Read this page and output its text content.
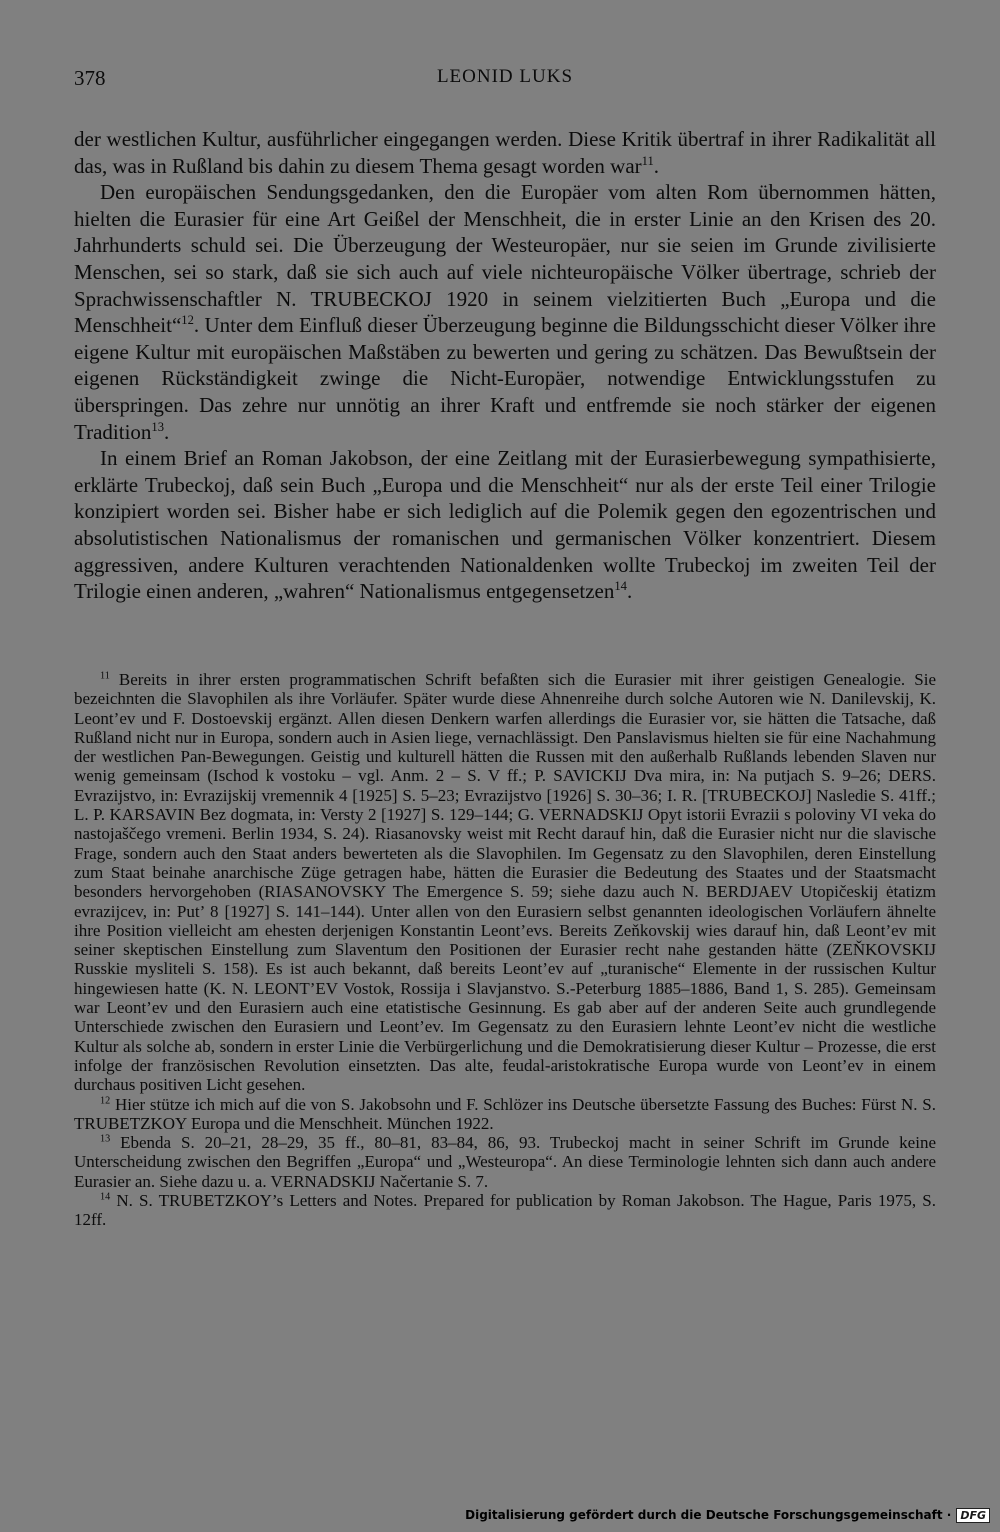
378	LEONID LUKS

der westlichen Kultur, ausführlicher eingegangen werden. Diese Kritik übertraf in ihrer Radikalität all das, was in Rußland bis dahin zu diesem Thema gesagt worden war$^{11}$.

Den europäischen Sendungsgedanken, den die Europäer vom alten Rom übernommen hätten, hielten die Eurasier für eine Art Geißel der Menschheit, die in erster Linie an den Krisen des 20. Jahrhunderts schuld sei. Die Überzeugung der Westeuropäer, nur sie seien im Grunde zivilisierte Menschen, sei so stark, daß sie sich auch auf viele nichteuropäische Völker übertrage, schrieb der Sprachwissenschaftler N. TRUBECKOJ 1920 in seinem vielzitierten Buch „Europa und die Menschheit“$^{12}$. Unter dem Einfluß dieser Überzeugung beginne die Bildungsschicht dieser Völker ihre eigene Kultur mit europäischen Maßstäben zu bewerten und gering zu schätzen. Das Bewußtsein der eigenen Rückständigkeit zwinge die Nicht-Europäer, notwendige Entwicklungsstufen zu überspringen. Das zehre nur unnötig an ihrer Kraft und entfremde sie noch stärker der eigenen Tradition$^{13}$.

In einem Brief an Roman Jakobson, der eine Zeitlang mit der Eurasierbewegung sympathisierte, erklärte Trubeckoj, daß sein Buch „Europa und die Menschheit“ nur als der erste Teil einer Trilogie konzipiert worden sei. Bisher habe er sich lediglich auf die Polemik gegen den egozentrischen und absolutistischen Nationalismus der romanischen und germanischen Völker konzentriert. Diesem aggressiven, andere Kulturen verachtenden Nationaldenken wollte Trubeckoj im zweiten Teil der Trilogie einen anderen, „wahren“ Nationalismus entgegensetzen$^{14}$.

$^{11}$ Bereits in ihrer ersten programmatischen Schrift befaßten sich die Eurasier mit ihrer geistigen Genealogie. Sie bezeichnten die Slavophilen als ihre Vorläufer. Später wurde diese Ahnenreihe durch solche Autoren wie N. Danilevskij, K. Leont’ev und F. Dostoevskij ergänzt. Allen diesen Denkern warfen allerdings die Eurasier vor, sie hätten die Tatsache, daß Rußland nicht nur in Europa, sondern auch in Asien liege, vernachlässigt. Den Panslavismus hielten sie für eine Nachahmung der westlichen Pan-Bewegungen. Geistig und kulturell hätten die Russen mit den außerhalb Rußlands lebenden Slaven nur wenig gemeinsam (Ischod k vostoku – vgl. Anm. 2 – S. V ff.; P. SAVICKIJ Dva mira, in: Na putjach S. 9–26; DERS. Evrazijstvo, in: Evrazijskij vremennik 4 [1925] S. 5–23; Evrazijstvo [1926] S. 30–36; I. R. [TRUBECKOJ] Nasledie S. 41ff.; L. P. KARSAVIN Bez dogmata, in: Versty 2 [1927] S. 129–144; G. VERNADSKIJ Opyt istorii Evrazii s poloviny VI veka do nastojaščego vremeni. Berlin 1934, S. 24). Riasanovsky weist mit Recht darauf hin, daß die Eurasier nicht nur die slavische Frage, sondern auch den Staat anders bewerteten als die Slavophilen. Im Gegensatz zu den Slavophilen, deren Einstellung zum Staat beinahe anarchische Züge getragen habe, hätten die Eurasier die Bedeutung des Staates und der Staatsmacht besonders hervorgehoben (RIASANOVSKY The Emergence S. 59; siehe dazu auch N. BERDJAEV Utopičeskij ėtatizm evrazijcev, in: Put’ 8 [1927] S. 141–144). Unter allen von den Eurasiern selbst genannten ideologischen Vorläufern ähnelte ihre Position vielleicht am ehesten derjenigen Konstantin Leont’evs. Bereits Zeňkovskij wies darauf hin, daß Leont’ev mit seiner skeptischen Einstellung zum Slaventum den Positionen der Eurasier recht nahe gestanden hätte (ZEŇKOVSKIJ Russkie mysliteli S. 158). Es ist auch bekannt, daß bereits Leont’ev auf „turanische“ Elemente in der russischen Kultur hingewiesen hatte (K. N. LEONT’EV Vostok, Rossija i Slavjanstvo. S.-Peterburg 1885–1886, Band 1, S. 285). Gemeinsam war Leont’ev und den Eurasiern auch eine etatistische Gesinnung. Es gab aber auf der anderen Seite auch grundlegende Unterschiede zwischen den Eurasiern und Leont’ev. Im Gegensatz zu den Eurasiern lehnte Leont’ev nicht die westliche Kultur als solche ab, sondern in erster Linie die Verbürgerlichung und die Demokratisierung dieser Kultur – Prozesse, die erst infolge der französischen Revolution einsetzten. Das alte, feudal-aristokratische Europa wurde von Leont’ev in einem durchaus positiven Licht gesehen.

$^{12}$ Hier stütze ich mich auf die von S. Jakobsohn und F. Schlözer ins Deutsche übersetzte Fassung des Buches: Fürst N. S. TRUBETZKOY Europa und die Menschheit. München 1922.

$^{13}$ Ebenda S. 20–21, 28–29, 35 ff., 80–81, 83–84, 86, 93. Trubeckoj macht in seiner Schrift im Grunde keine Unterscheidung zwischen den Begriffen „Europa“ und „Westeuropa“. An diese Terminologie lehnten sich dann auch andere Eurasier an. Siehe dazu u. a. VERNADSKIJ Načertanie S. 7.

$^{14}$ N. S. TRUBETZKOY’s Letters and Notes. Prepared for publication by Roman Jakobson. The Hague, Paris 1975, S. 12ff.

Digitalisierung gefördert durch die Deutsche Forschungsgemeinschaft · DFG
